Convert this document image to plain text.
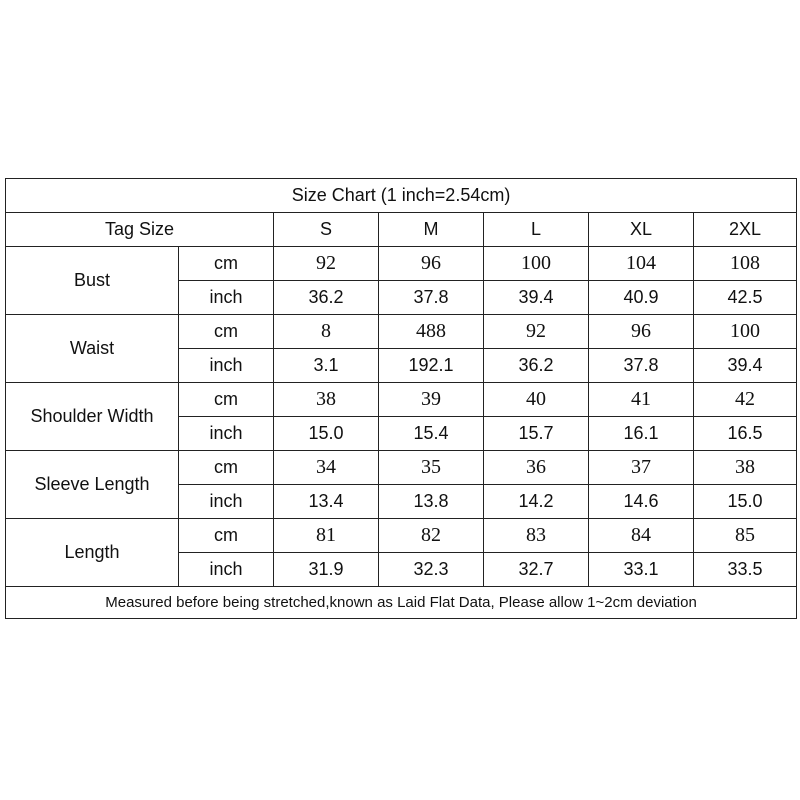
Size Chart (1 inch=2.54cm)						
Tag Size		S	M	L	XL	2XL
Bust	cm	92	96	100	104	108
	inch	36.2	37.8	39.4	40.9	42.5
Waist	cm	8	488	92	96	100
	inch	3.1	192.1	36.2	37.8	39.4
Shoulder Width	cm	38	39	40	41	42
	inch	15.0	15.4	15.7	16.1	16.5
Sleeve Length	cm	34	35	36	37	38
	inch	13.4	13.8	14.2	14.6	15.0
Length	cm	81	82	83	84	85
	inch	31.9	32.3	32.7	33.1	33.5
Measured before being stretched,known as Laid Flat Data, Please allow 1~2cm deviation						
